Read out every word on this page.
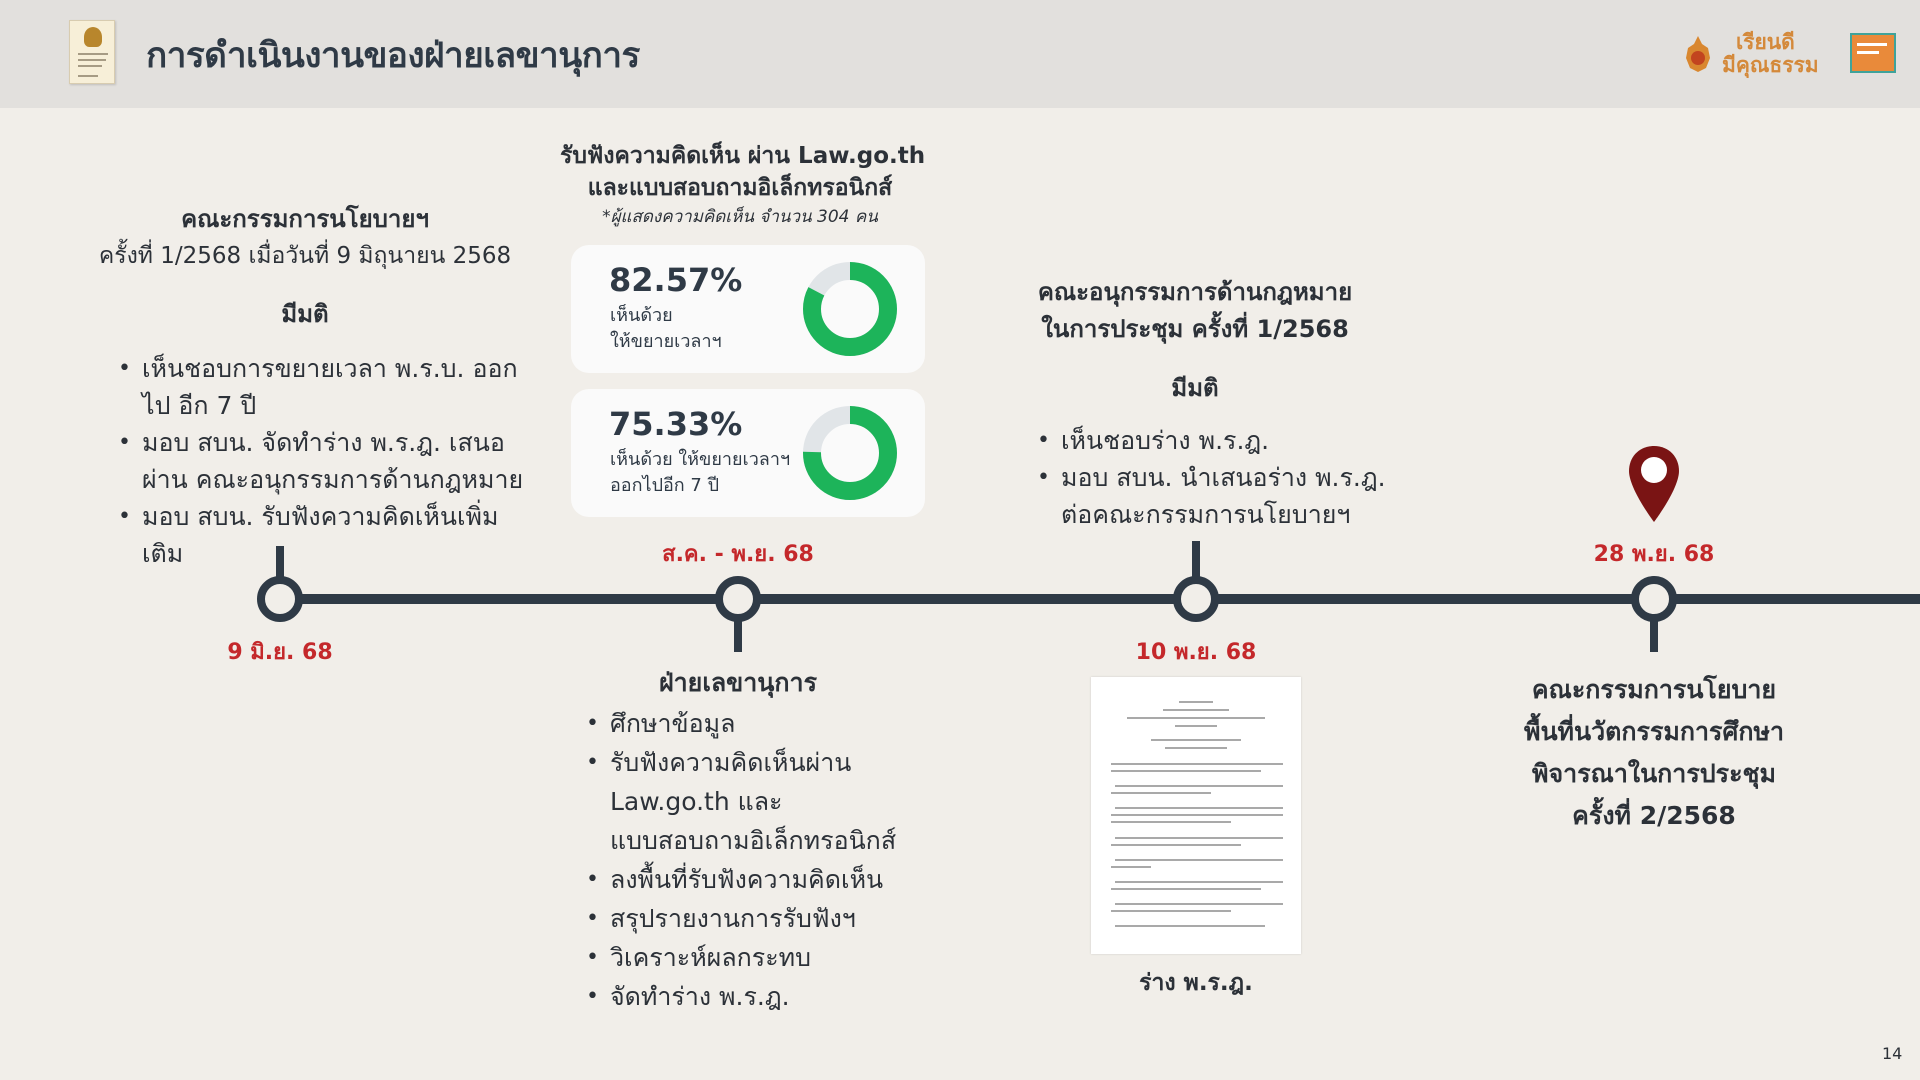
การดำเนินงานของฝ่ายเลขานุการ	เรียนดี
มีคุณธรรม
คณะกรรมการนโยบายฯ
ครั้งที่ 1/2568 เมื่อวันที่ 9 มิถุนายน 2568
มีมติ
• เห็นชอบการขยายเวลา พ.ร.บ. ออกไป อีก 7 ปี
• มอบ สบน. จัดทำร่าง พ.ร.ฎ. เสนอ ผ่าน คณะอนุกรรมการด้านกฎหมาย
• มอบ สบน. รับฟังความคิดเห็นเพิ่มเติม
รับฟังความคิดเห็น ผ่าน Law.go.th
และแบบสอบถามอิเล็กทรอนิกส์
*ผู้แสดงความคิดเห็น จำนวน 304 คน
82.57%
เห็นด้วย
ให้ขยายเวลาฯ
75.33%
เห็นด้วย ให้ขยายเวลาฯ
ออกไปอีก 7 ปี
คณะอนุกรรมการด้านกฎหมาย
ในการประชุม ครั้งที่ 1/2568
มีมติ
• เห็นชอบร่าง พ.ร.ฎ.
• มอบ สบน. นำเสนอร่าง พ.ร.ฎ. ต่อคณะกรรมการนโยบายฯ
9 มิ.ย. 68
ส.ค. - พ.ย. 68
10 พ.ย. 68
28 พ.ย. 68
ฝ่ายเลขานุการ
• ศึกษาข้อมูล
• รับฟังความคิดเห็นผ่าน Law.go.th และ แบบสอบถามอิเล็กทรอนิกส์
• ลงพื้นที่รับฟังความคิดเห็น
• สรุปรายงานการรับฟังฯ
• วิเคราะห์ผลกระทบ
• จัดทำร่าง พ.ร.ฎ.	ร่าง พ.ร.ฎ.
คณะกรรมการนโยบาย
พื้นที่นวัตกรรมการศึกษา
พิจารณาในการประชุม
ครั้งที่ 2/2568
14
